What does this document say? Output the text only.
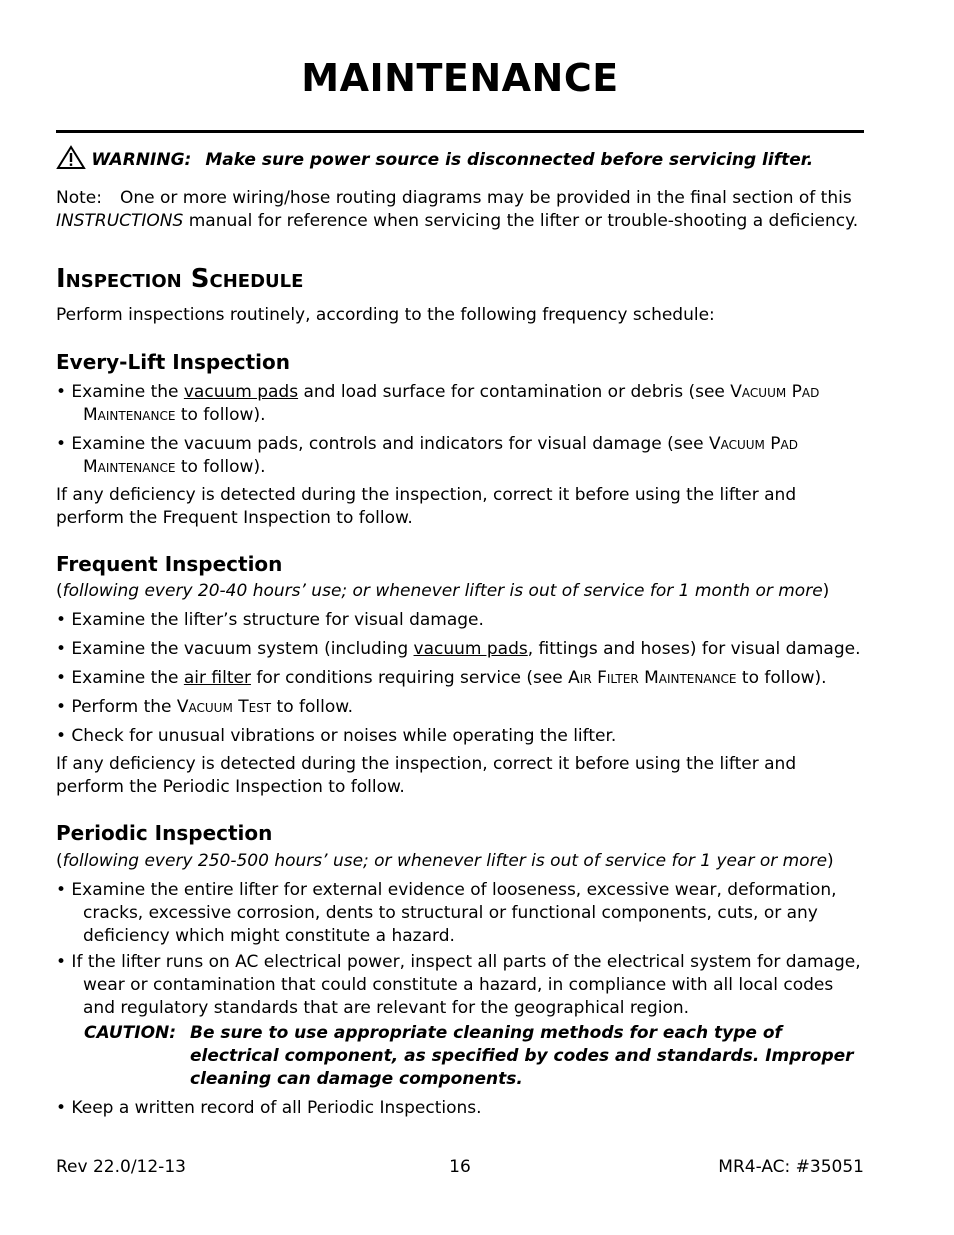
MAINTENANCE
WARNING: Make sure power source is disconnected before servicing lifter.
Note: One or more wiring/hose routing diagrams may be provided in the final section of this
INSTRUCTIONS manual for reference when servicing the lifter or trouble-shooting a deficiency.
Inspection Schedule
Perform inspections routinely, according to the following frequency schedule:
Every-Lift Inspection
• Examine the vacuum pads and load surface for contamination or debris (see Vacuum Pad
Maintenance to follow).
• Examine the vacuum pads, controls and indicators for visual damage (see Vacuum Pad
Maintenance to follow).
If any deficiency is detected during the inspection, correct it before using the lifter and perform the Frequent Inspection to follow.
Frequent Inspection
(following every 20-40 hours’ use; or whenever lifter is out of service for 1 month or more)
• Examine the lifter’s structure for visual damage.
• Examine the vacuum system (including vacuum pads, fittings and hoses) for visual damage.
• Examine the air filter for conditions requiring service (see Air Filter Maintenance to follow).
• Perform the Vacuum Test to follow.
• Check for unusual vibrations or noises while operating the lifter.
If any deficiency is detected during the inspection, correct it before using the lifter and perform the Periodic Inspection to follow.
Periodic Inspection
(following every 250-500 hours’ use; or whenever lifter is out of service for 1 year or more)
• Examine the entire lifter for external evidence of looseness, excessive wear, deformation, cracks, excessive corrosion, dents to structural or functional components, cuts, or any deficiency which might constitute a hazard.
• If the lifter runs on AC electrical power, inspect all parts of the electrical system for damage, wear or contamination that could constitute a hazard, in compliance with all local codes and regulatory standards that are relevant for the geographical region.
CAUTION: Be sure to use appropriate cleaning methods for each type of electrical component, as specified by codes and standards. Improper cleaning can damage components.
• Keep a written record of all Periodic Inspections.
Rev 22.0/12-13	16	MR4-AC: #35051
